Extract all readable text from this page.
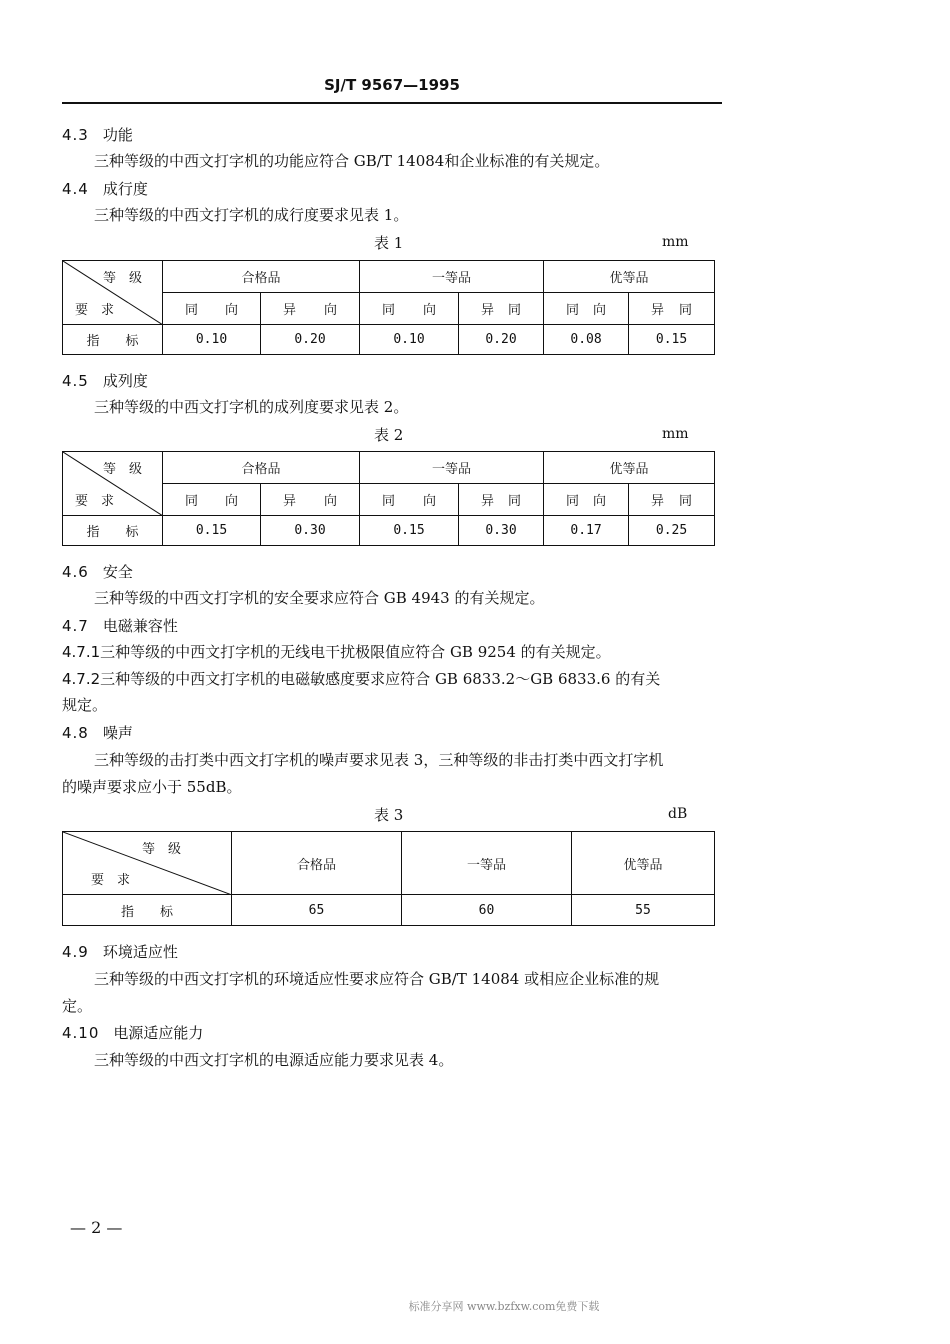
SJ/T 9567—1995
4.3 功能
三种等级的中西文打字机的功能应符合 GB/T 14084和企业标准的有关规定。
4.4 成行度
三种等级的中西文打字机的成行度要求见表 1。
表 1	mm
等　级
要　求	合格品		一等品		优等品	

	同 向	异 向	同 向	异 同	同 向	异 同

指　　标	0.10	0.20	0.10	0.20	0.08	0.15
4.5 成列度
三种等级的中西文打字机的成列度要求见表 2。
表 2	mm
等　级
要　求	合格品		一等品		优等品	

	同 向	异 向	同 向	异 同	同 向	异 同

指　　标	0.15	0.30	0.15	0.30	0.17	0.25
4.6 安全
三种等级的中西文打字机的安全要求应符合 GB 4943 的有关规定。
4.7 电磁兼容性
4.7.1三种等级的中西文打字机的无线电干扰极限值应符合 GB 9254 的有关规定。
4.7.2三种等级的中西文打字机的电磁敏感度要求应符合 GB 6833.2～GB 6833.6 的有关
规定。
4.8 噪声
三种等级的击打类中西文打字机的噪声要求见表 3，三种等级的非击打类中西文打字机
的噪声要求应小于 55dB。
表 3	dB
等　级
要　求	合格品	一等品	优等品
指　　标	65	60	55
4.9 环境适应性
三种等级的中西文打字机的环境适应性要求应符合 GB/T 14084 或相应企业标准的规
定。
4.10 电源适应能力
三种等级的中西文打字机的电源适应能力要求见表 4。
— 2 —
标准分享网 www.bzfxw.com免费下载
